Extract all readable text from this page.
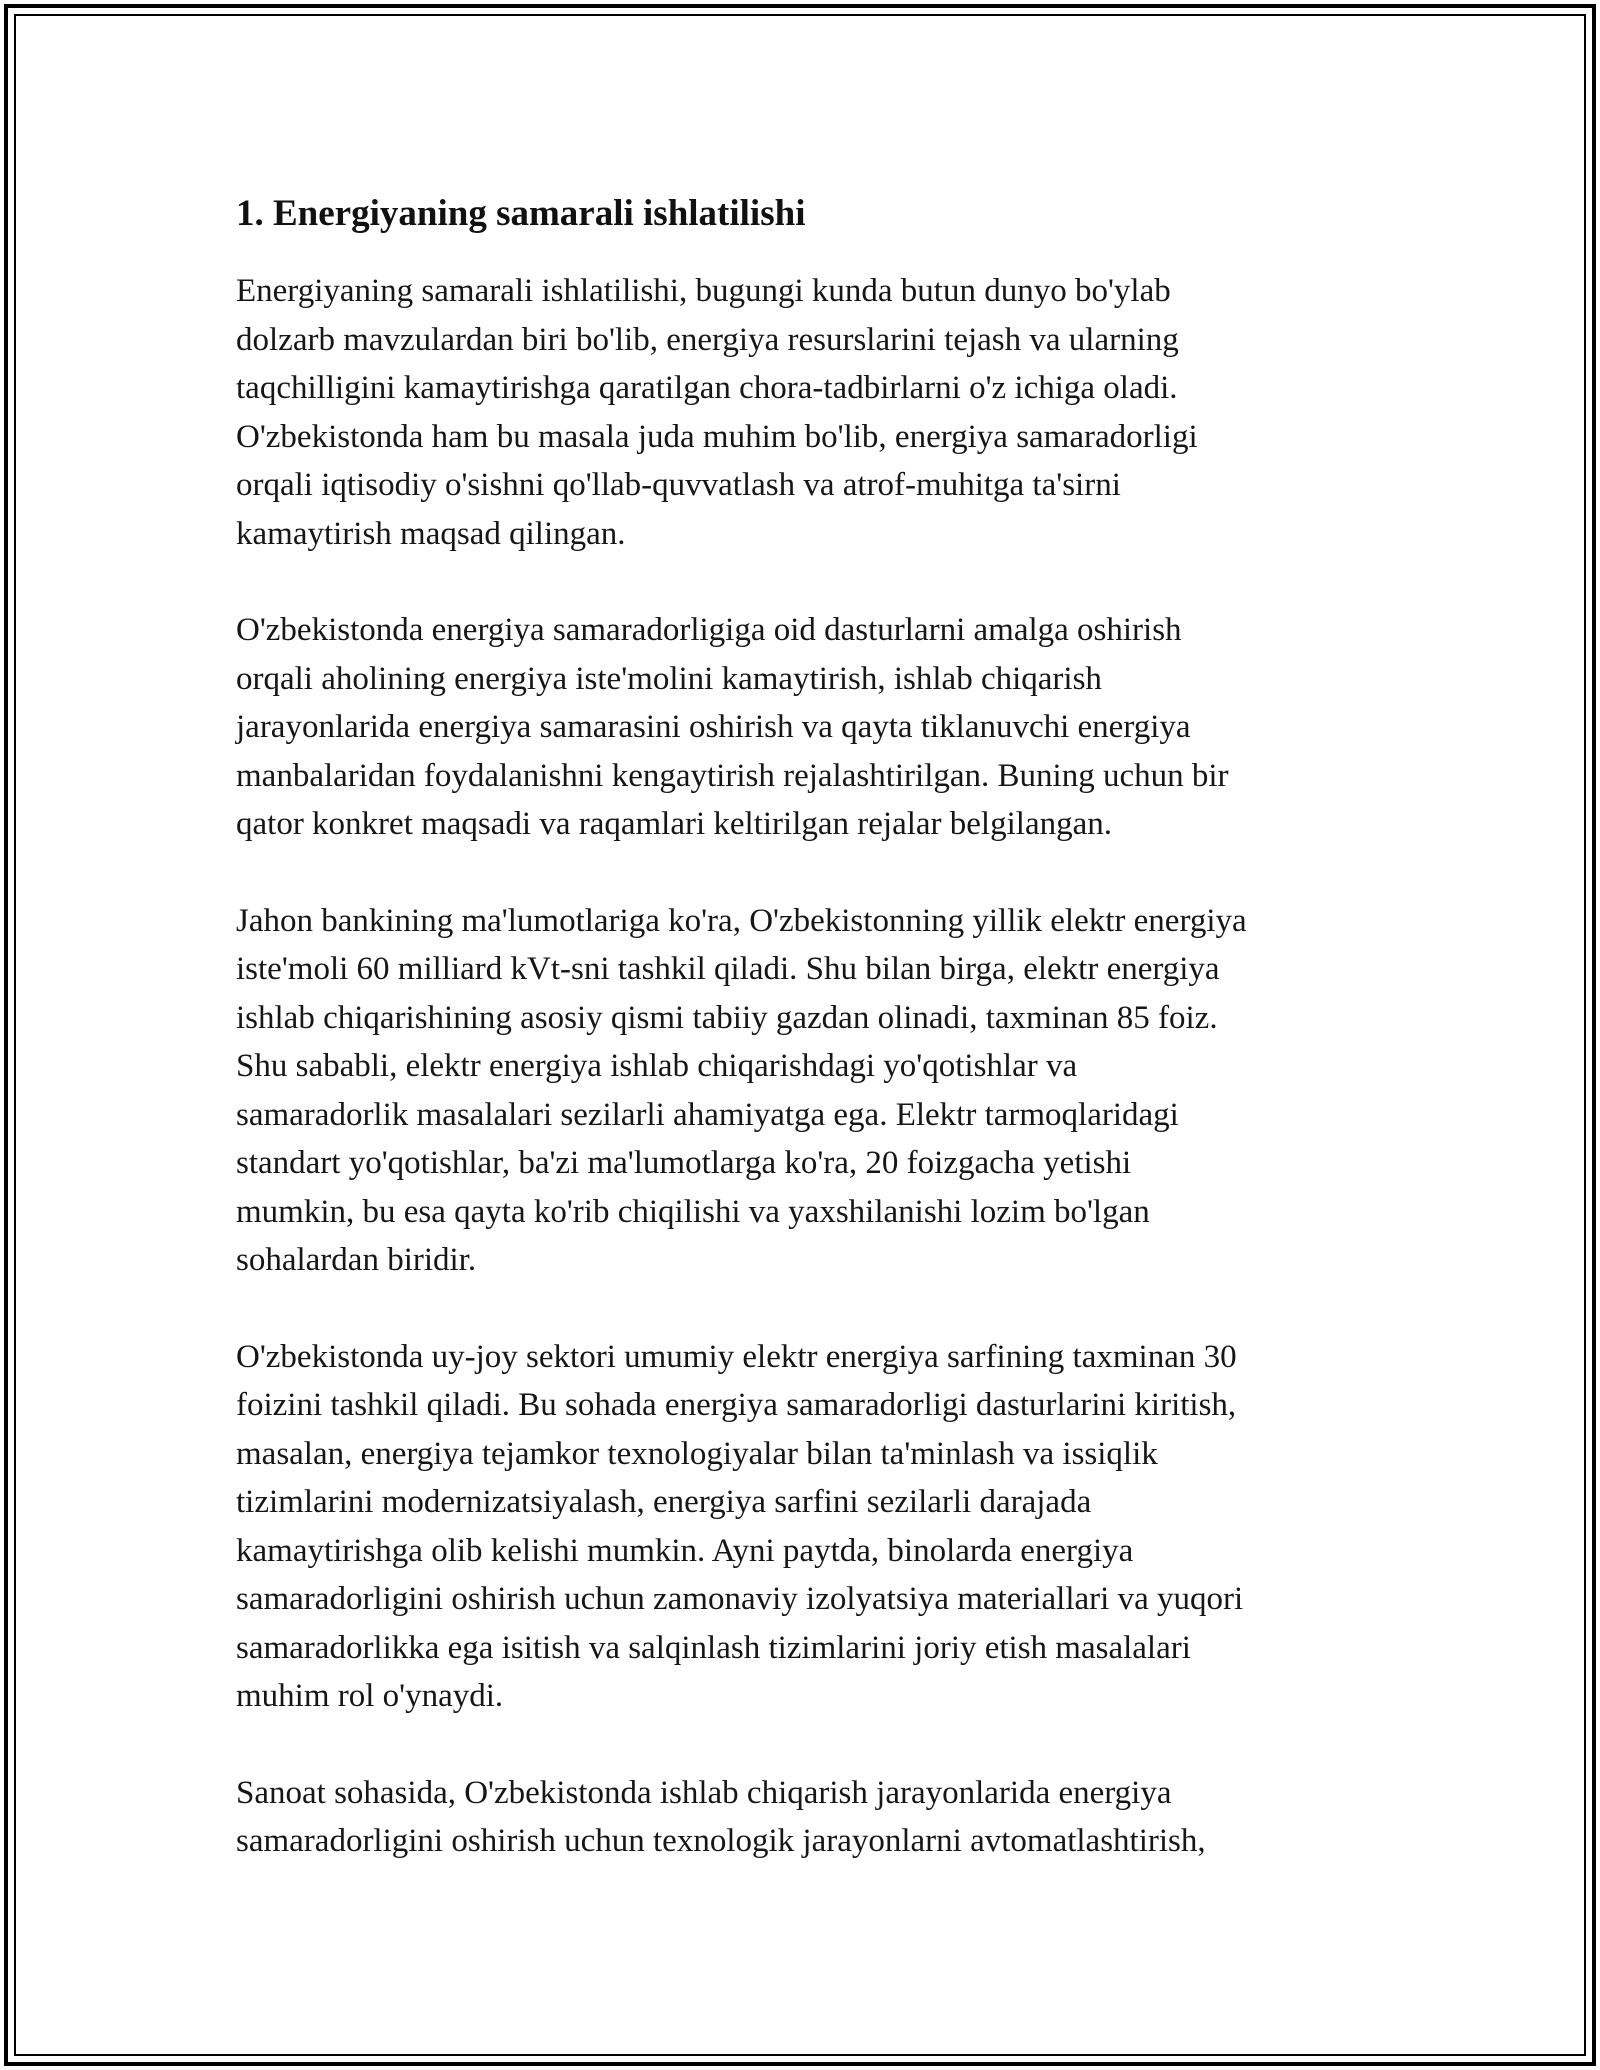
1. Energiyaning samarali ishlatilishi

Energiyaning samarali ishlatilishi, bugungi kunda butun dunyo bo'ylab
dolzarb mavzulardan biri bo'lib, energiya resurslarini tejash va ularning
taqchilligini kamaytirishga qaratilgan chora-tadbirlarni o'z ichiga oladi.
O'zbekistonda ham bu masala juda muhim bo'lib, energiya samaradorligi
orqali iqtisodiy o'sishni qo'llab-quvvatlash va atrof-muhitga ta'sirni
kamaytirish maqsad qilingan.

O'zbekistonda energiya samaradorligiga oid dasturlarni amalga oshirish
orqali aholining energiya iste'molini kamaytirish, ishlab chiqarish
jarayonlarida energiya samarasini oshirish va qayta tiklanuvchi energiya
manbalaridan foydalanishni kengaytirish rejalashtirilgan. Buning uchun bir
qator konkret maqsadi va raqamlari keltirilgan rejalar belgilangan.

Jahon bankining ma'lumotlariga ko'ra, O'zbekistonning yillik elektr energiya
iste'moli 60 milliard kVt-sni tashkil qiladi. Shu bilan birga, elektr energiya
ishlab chiqarishining asosiy qismi tabiiy gazdan olinadi, taxminan 85 foiz.
Shu sababli, elektr energiya ishlab chiqarishdagi yo'qotishlar va
samaradorlik masalalari sezilarli ahamiyatga ega. Elektr tarmoqlaridagi
standart yo'qotishlar, ba'zi ma'lumotlarga ko'ra, 20 foizgacha yetishi
mumkin, bu esa qayta ko'rib chiqilishi va yaxshilanishi lozim bo'lgan
sohalardan biridir.

O'zbekistonda uy-joy sektori umumiy elektr energiya sarfining taxminan 30
foizini tashkil qiladi. Bu sohada energiya samaradorligi dasturlarini kiritish,
masalan, energiya tejamkor texnologiyalar bilan ta'minlash va issiqlik
tizimlarini modernizatsiyalash, energiya sarfini sezilarli darajada
kamaytirishga olib kelishi mumkin. Ayni paytda, binolarda energiya
samaradorligini oshirish uchun zamonaviy izolyatsiya materiallari va yuqori
samaradorlikka ega isitish va salqinlash tizimlarini joriy etish masalalari
muhim rol o'ynaydi.

Sanoat sohasida, O'zbekistonda ishlab chiqarish jarayonlarida energiya
samaradorligini oshirish uchun texnologik jarayonlarni avtomatlashtirish,
